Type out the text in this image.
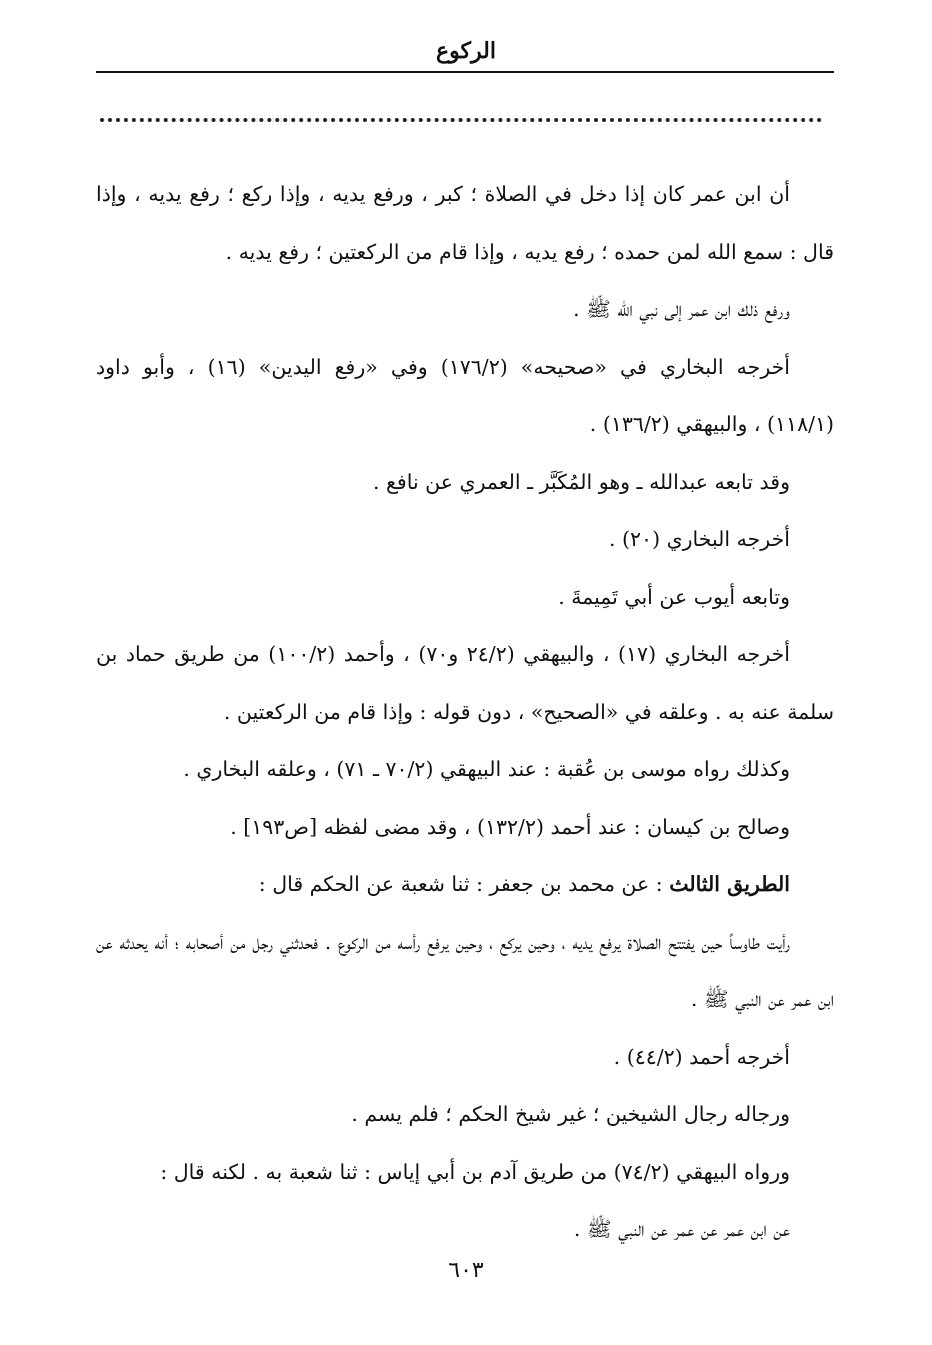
الركوع

أن ابن عمر كان إذا دخل في الصلاة ؛ كبر ، ورفع يديه ، وإذا ركع ؛ رفع يديه ، وإذا قال : سمع الله لمن حمده ؛ رفع يديه ، وإذا قام من الركعتين ؛ رفع يديه .

ورفع ذلك ابن عمر إلى نبي الله ﷺ .

أخرجه البخاري في «صحيحه» (١٧٦/٢) وفي «رفع اليدين» (١٦) ، وأبو داود (١١٨/١) ، والبيهقي (١٣٦/٢) .

وقد تابعه عبدالله ـ وهو المُكَبَّر ـ العمري عن نافع .

أخرجه البخاري (٢٠) .

وتابعه أيوب عن أبي تَمِيمةَ .

أخرجه البخاري (١٧) ، والبيهقي (٢٤/٢ و٧٠) ، وأحمد (١٠٠/٢) من طريق حماد بن سلمة عنه به . وعلقه في «الصحيح» ، دون قوله : وإذا قام من الركعتين .

وكذلك رواه موسى بن عُقبة : عند البيهقي (٧٠/٢ ـ ٧١) ، وعلقه البخاري .

وصالح بن كيسان : عند أحمد (١٣٢/٢) ، وقد مضى لفظه [ص١٩٣] .

الطريق الثالث : عن محمد بن جعفر : ثنا شعبة عن الحكم قال :

رأيت طاوساً حين يفتتح الصلاة يرفع يديه ، وحين يركع ، وحين يرفع رأسه من الركوع . فحدثني رجل من أصحابه ؛ أنه يحدثه عن ابن عمر عن النبي ﷺ .

أخرجه أحمد (٤٤/٢) .

ورجاله رجال الشيخين ؛ غير شيخ الحكم ؛ فلم يسم .

ورواه البيهقي (٧٤/٢) من طريق آدم بن أبي إياس : ثنا شعبة به . لكنه قال :

عن ابن عمر عن عمر عن النبي ﷺ .

٦٠٣
